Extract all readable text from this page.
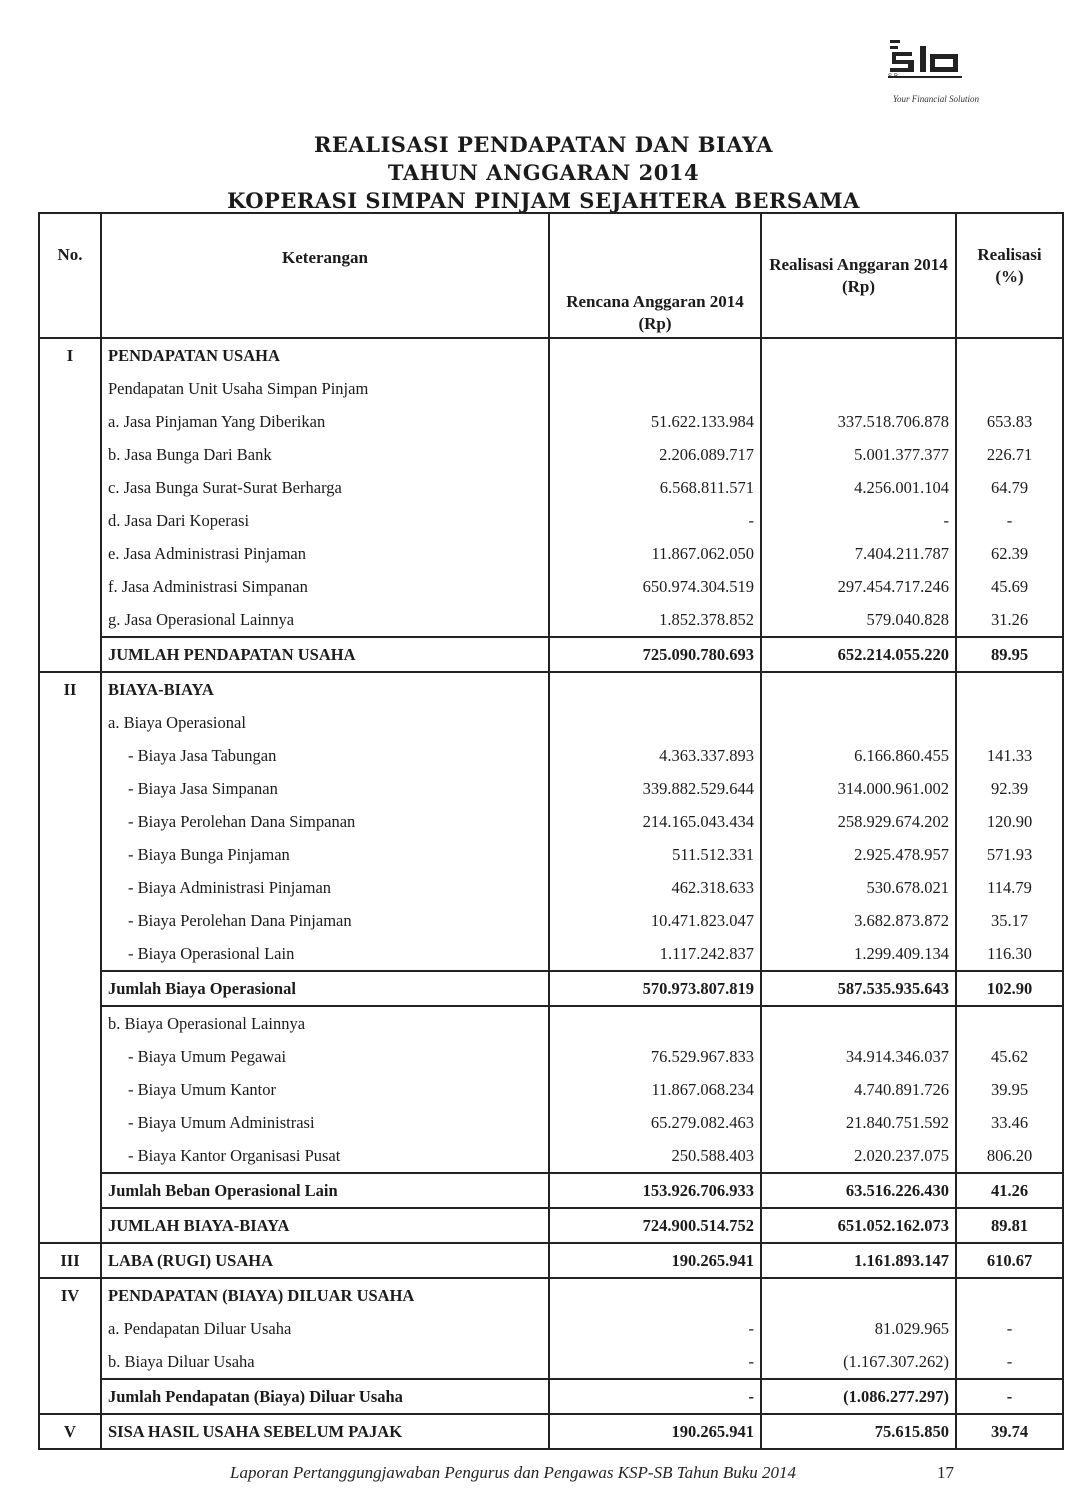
SB
Your Financial Solution
REALISASI PENDAPATAN DAN BIAYA
TAHUN ANGGARAN 2014
KOPERASI SIMPAN PINJAM SEJAHTERA BERSAMA
No.	Keterangan	Rencana Anggaran 2014 (Rp)	Realisasi Anggaran 2014 (Rp)	Realisasi (%)
I	PENDAPATAN USAHA			
	Pendapatan Unit Usaha Simpan Pinjam			
	a. Jasa Pinjaman Yang Diberikan	51.622.133.984	337.518.706.878	653.83
	b. Jasa Bunga Dari Bank	2.206.089.717	5.001.377.377	226.71
	c. Jasa Bunga Surat-Surat Berharga	6.568.811.571	4.256.001.104	64.79
	d. Jasa Dari Koperasi	-	-	-
	e. Jasa Administrasi Pinjaman	11.867.062.050	7.404.211.787	62.39
	f. Jasa Administrasi Simpanan	650.974.304.519	297.454.717.246	45.69
	g. Jasa Operasional Lainnya	1.852.378.852	579.040.828	31.26
	JUMLAH PENDAPATAN USAHA	725.090.780.693	652.214.055.220	89.95
II	BIAYA-BIAYA			
	a. Biaya Operasional			
	- Biaya Jasa Tabungan	4.363.337.893	6.166.860.455	141.33
	- Biaya Jasa Simpanan	339.882.529.644	314.000.961.002	92.39
	- Biaya Perolehan Dana Simpanan	214.165.043.434	258.929.674.202	120.90
	- Biaya Bunga Pinjaman	511.512.331	2.925.478.957	571.93
	- Biaya Administrasi Pinjaman	462.318.633	530.678.021	114.79
	- Biaya Perolehan Dana Pinjaman	10.471.823.047	3.682.873.872	35.17
	- Biaya Operasional Lain	1.117.242.837	1.299.409.134	116.30
	Jumlah Biaya Operasional	570.973.807.819	587.535.935.643	102.90
	b. Biaya Operasional Lainnya			
	- Biaya Umum Pegawai	76.529.967.833	34.914.346.037	45.62
	- Biaya Umum Kantor	11.867.068.234	4.740.891.726	39.95
	- Biaya Umum Administrasi	65.279.082.463	21.840.751.592	33.46
	- Biaya Kantor Organisasi Pusat	250.588.403	2.020.237.075	806.20
	Jumlah Beban Operasional Lain	153.926.706.933	63.516.226.430	41.26
	JUMLAH BIAYA-BIAYA	724.900.514.752	651.052.162.073	89.81
III	LABA (RUGI) USAHA	190.265.941	1.161.893.147	610.67
IV	PENDAPATAN (BIAYA) DILUAR USAHA			
	a. Pendapatan Diluar Usaha	-	81.029.965	-
	b. Biaya Diluar Usaha	-	(1.167.307.262)	-
	Jumlah Pendapatan (Biaya) Diluar Usaha	-	(1.086.277.297)	-
V	SISA HASIL USAHA SEBELUM PAJAK	190.265.941	75.615.850	39.74
Laporan Pertanggungjawaban Pengurus dan Pengawas KSP-SB Tahun Buku 2014	17
